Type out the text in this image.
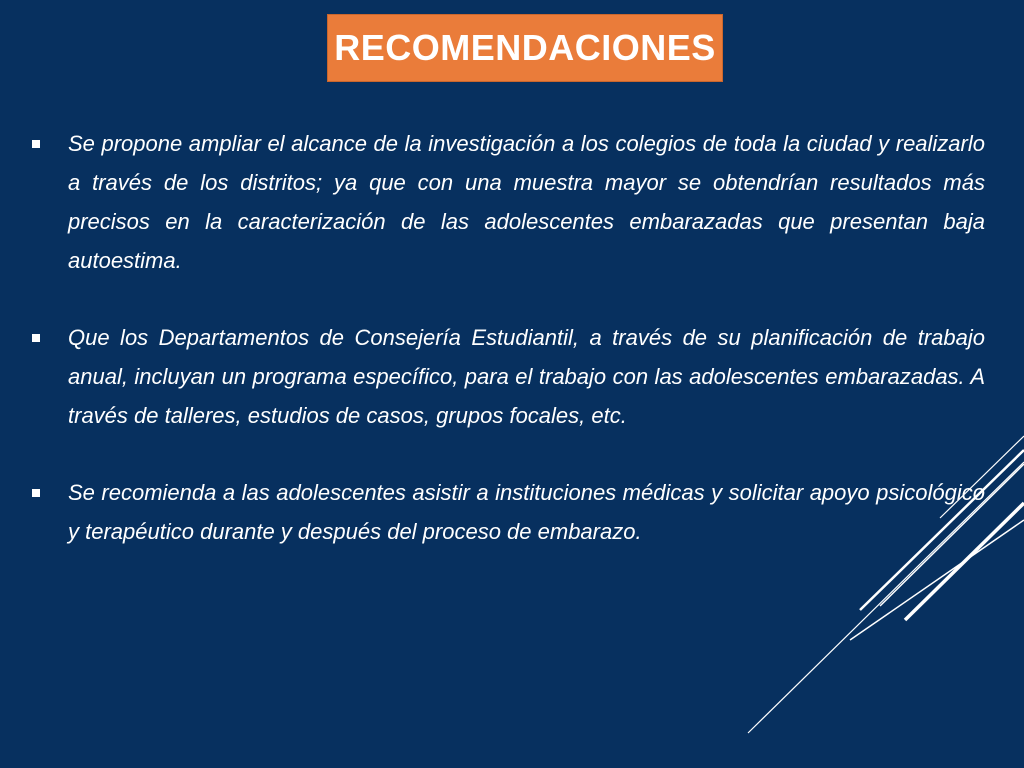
RECOMENDACIONES
Se propone ampliar el alcance de la investigación a los colegios de toda la ciudad y realizarlo a través de los distritos; ya que con una muestra mayor se obtendrían resultados más precisos en la caracterización de las adolescentes embarazadas que presentan baja autoestima.
Que los Departamentos de Consejería Estudiantil, a través de su planificación de trabajo anual, incluyan un programa específico, para el trabajo con las adolescentes embarazadas. A través de talleres, estudios de casos, grupos focales, etc.
Se recomienda a las adolescentes asistir a instituciones médicas y solicitar apoyo psicológico y terapéutico durante y después del proceso de embarazo.
